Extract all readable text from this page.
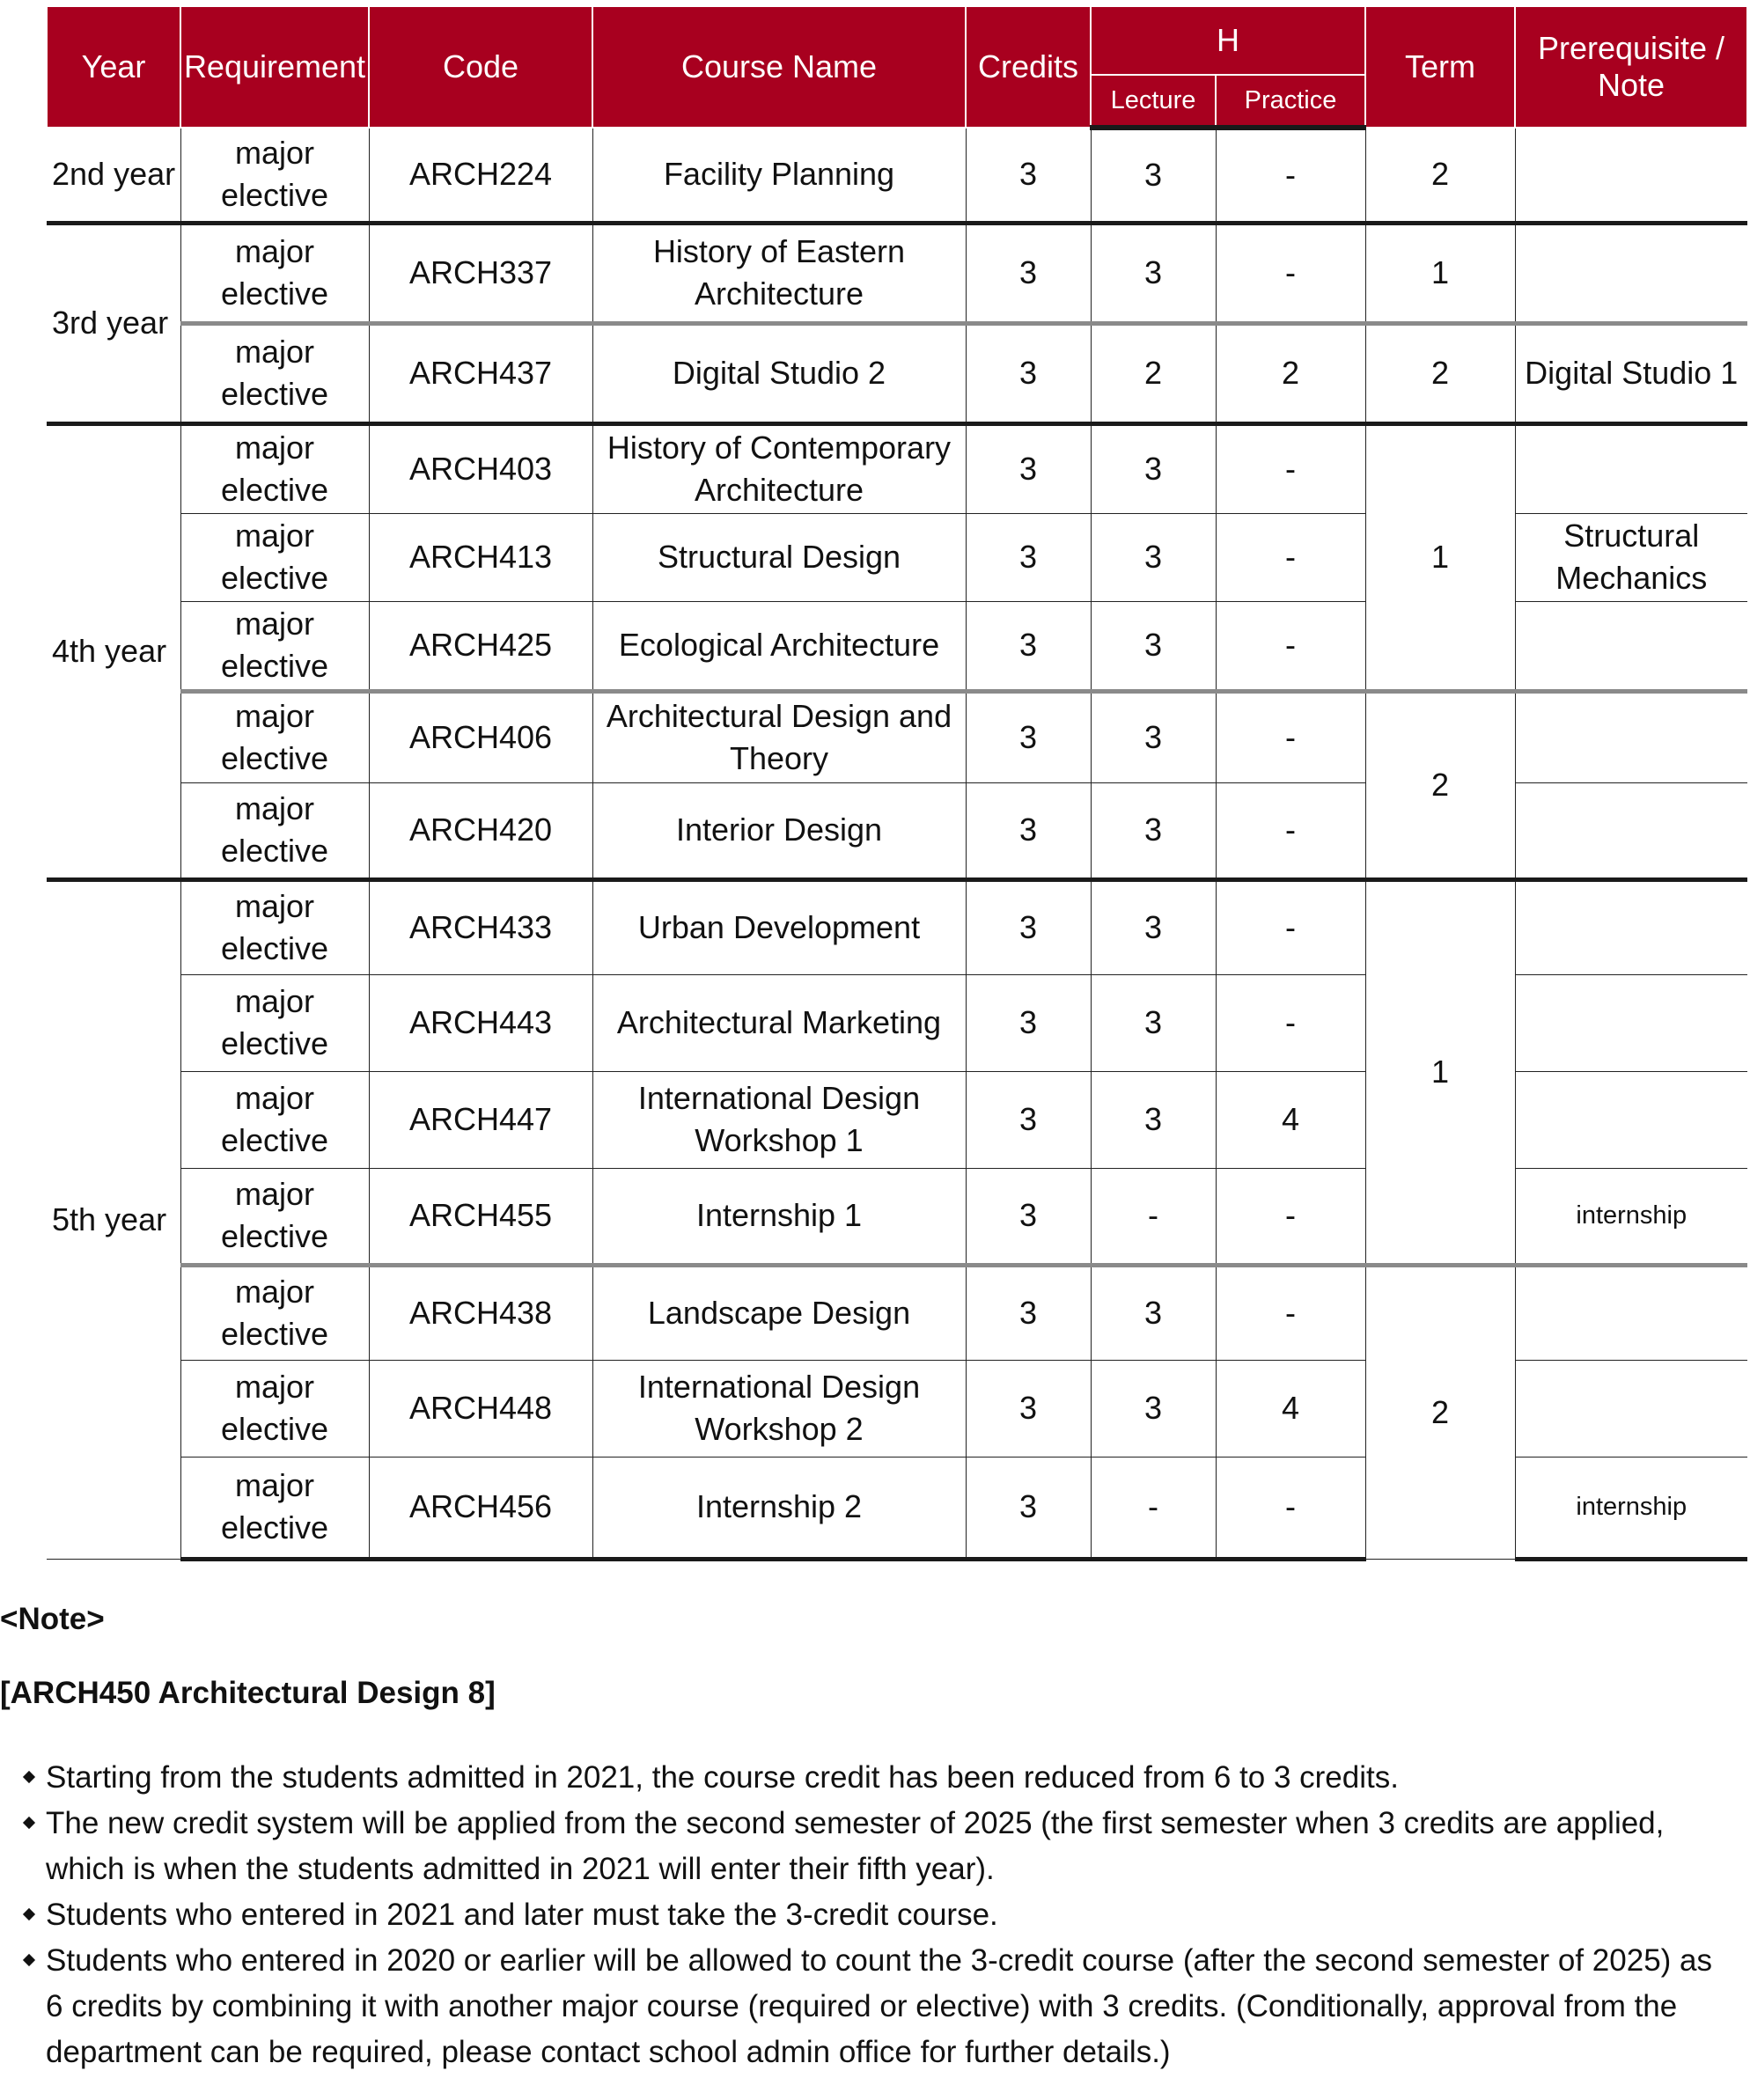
Year	Requirement	Code	Course Name	Credits	H		Term	Prerequisite / Note
					Lecture	Practice		
2nd year	major elective	ARCH224	Facility Planning	3	3	-	2	
3rd year	major elective	ARCH337	History of Eastern Architecture	3	3	-	1	
	major elective	ARCH437	Digital Studio 2	3	2	2	2	Digital Studio 1
4th year	major elective	ARCH403	History of Contemporary Architecture	3	3	-	1	
	major elective	ARCH413	Structural Design	3	3	-		Structural Mechanics
	major elective	ARCH425	Ecological Architecture	3	3	-		
	major elective	ARCH406	Architectural Design and Theory	3	3	-	2	
	major elective	ARCH420	Interior Design	3	3	-		
5th year	major elective	ARCH433	Urban Development	3	3	-	1	
	major elective	ARCH443	Architectural Marketing	3	3	-		
	major elective	ARCH447	International Design Workshop 1	3	3	4		
	major elective	ARCH455	Internship 1	3	-	-		internship
	major elective	ARCH438	Landscape Design	3	3	-	2	
	major elective	ARCH448	International Design Workshop 2	3	3	4		
	major elective	ARCH456	Internship 2	3	-	-		internship
<Note>
[ARCH450 Architectural Design 8]
Starting from the students admitted in 2021, the course credit has been reduced from 6 to 3 credits.
The new credit system will be applied from the second semester of 2025 (the first semester when 3 credits are applied, which is when the students admitted in 2021 will enter their fifth year).
Students who entered in 2021 and later must take the 3-credit course.
Students who entered in 2020 or earlier will be allowed to count the 3-credit course (after the second semester of 2025) as 6 credits by combining it with another major course (required or elective) with 3 credits. (Conditionally, approval from the department can be required, please contact school admin office for further details.)
